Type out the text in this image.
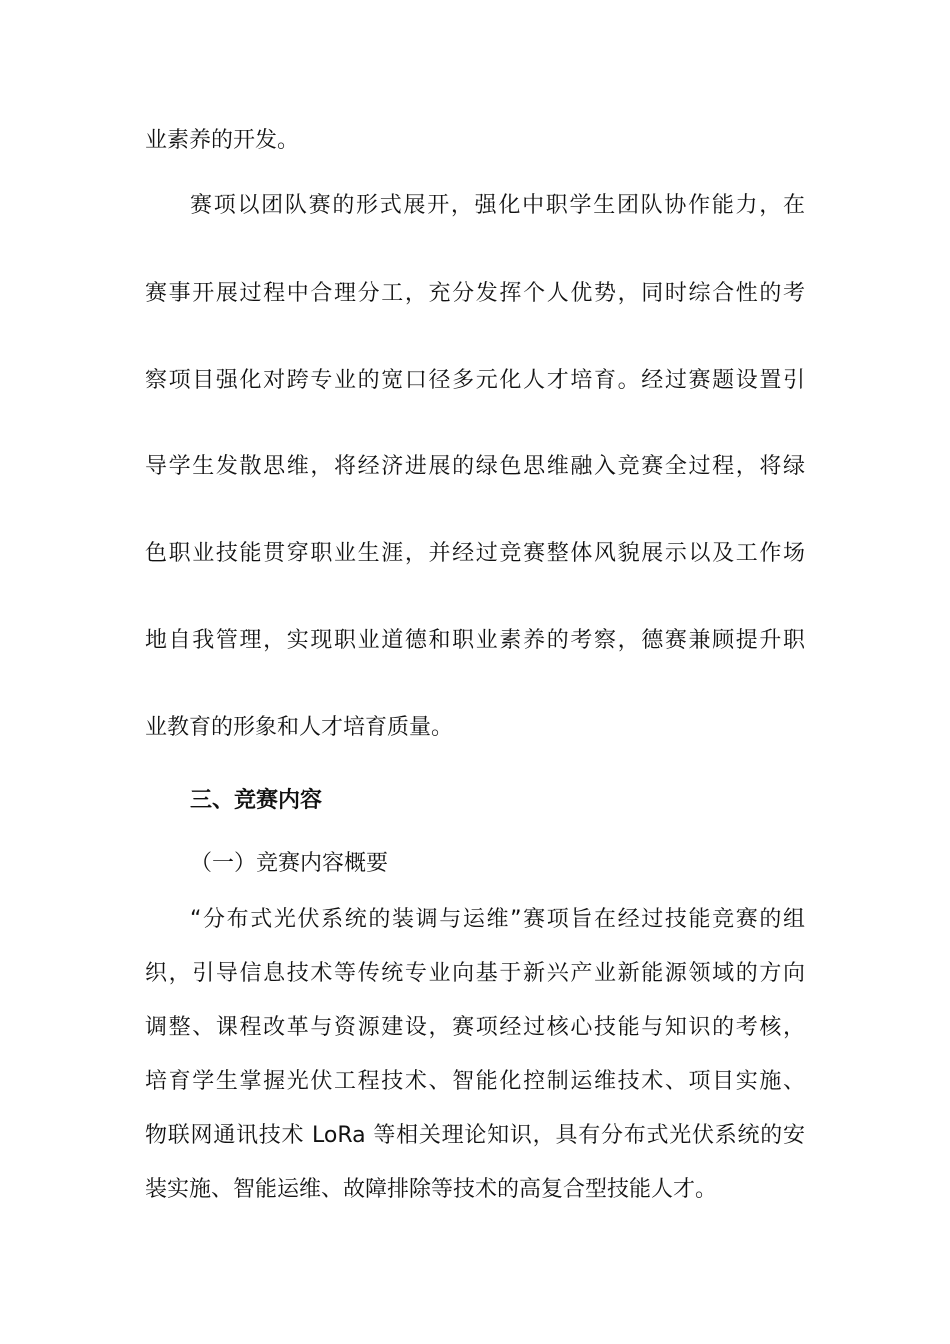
业素养的开发。
赛项以团队赛的形式展开，强化中职学生团队协作能力，在
赛事开展过程中合理分工，充分发挥个人优势，同时综合性的考
察项目强化对跨专业的宽口径多元化人才培育。经过赛题设置引
导学生发散思维，将经济进展的绿色思维融入竞赛全过程，将绿
色职业技能贯穿职业生涯，并经过竞赛整体风貌展示以及工作场
地自我管理，实现职业道德和职业素养的考察，德赛兼顾提升职
业教育的形象和人才培育质量。
三、竞赛内容
（一）竞赛内容概要
“分布式光伏系统的装调与运维”赛项旨在经过技能竞赛的组
织，引导信息技术等传统专业向基于新兴产业新能源领域的方向
调整、课程改革与资源建设，赛项经过核心技能与知识的考核，
培育学生掌握光伏工程技术、智能化控制运维技术、项目实施、
物联网通讯技术 LoRa 等相关理论知识，具有分布式光伏系统的安
装实施、智能运维、故障排除等技术的高复合型技能人才。
